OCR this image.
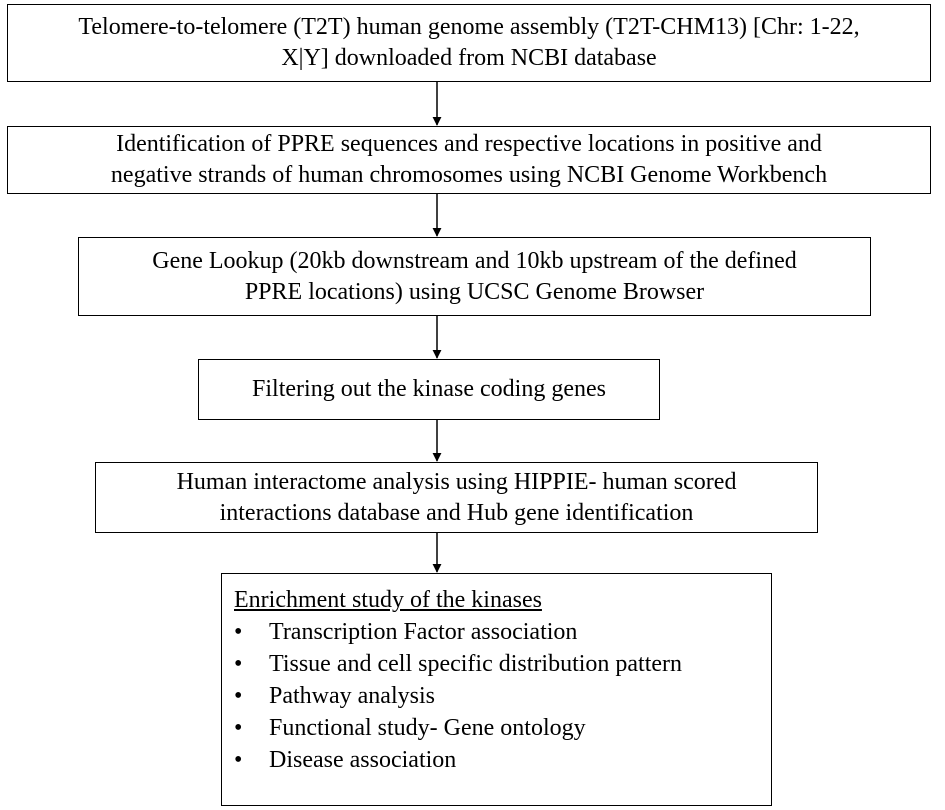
Telomere-to-telomere (T2T) human genome assembly (T2T-CHM13) [Chr: 1-22,
X|Y] downloaded from NCBI database
Identification of PPRE sequences and respective locations in positive and
negative strands of human chromosomes using NCBI Genome Workbench
Gene Lookup (20kb downstream and 10kb upstream of the defined
PPRE locations) using UCSC Genome Browser
Filtering out the kinase coding genes
Human interactome analysis using HIPPIE- human scored
interactions database and Hub gene identification
Enrichment study of the kinases
• Transcription Factor association
• Tissue and cell specific distribution pattern
• Pathway analysis
• Functional study- Gene ontology
• Disease association
